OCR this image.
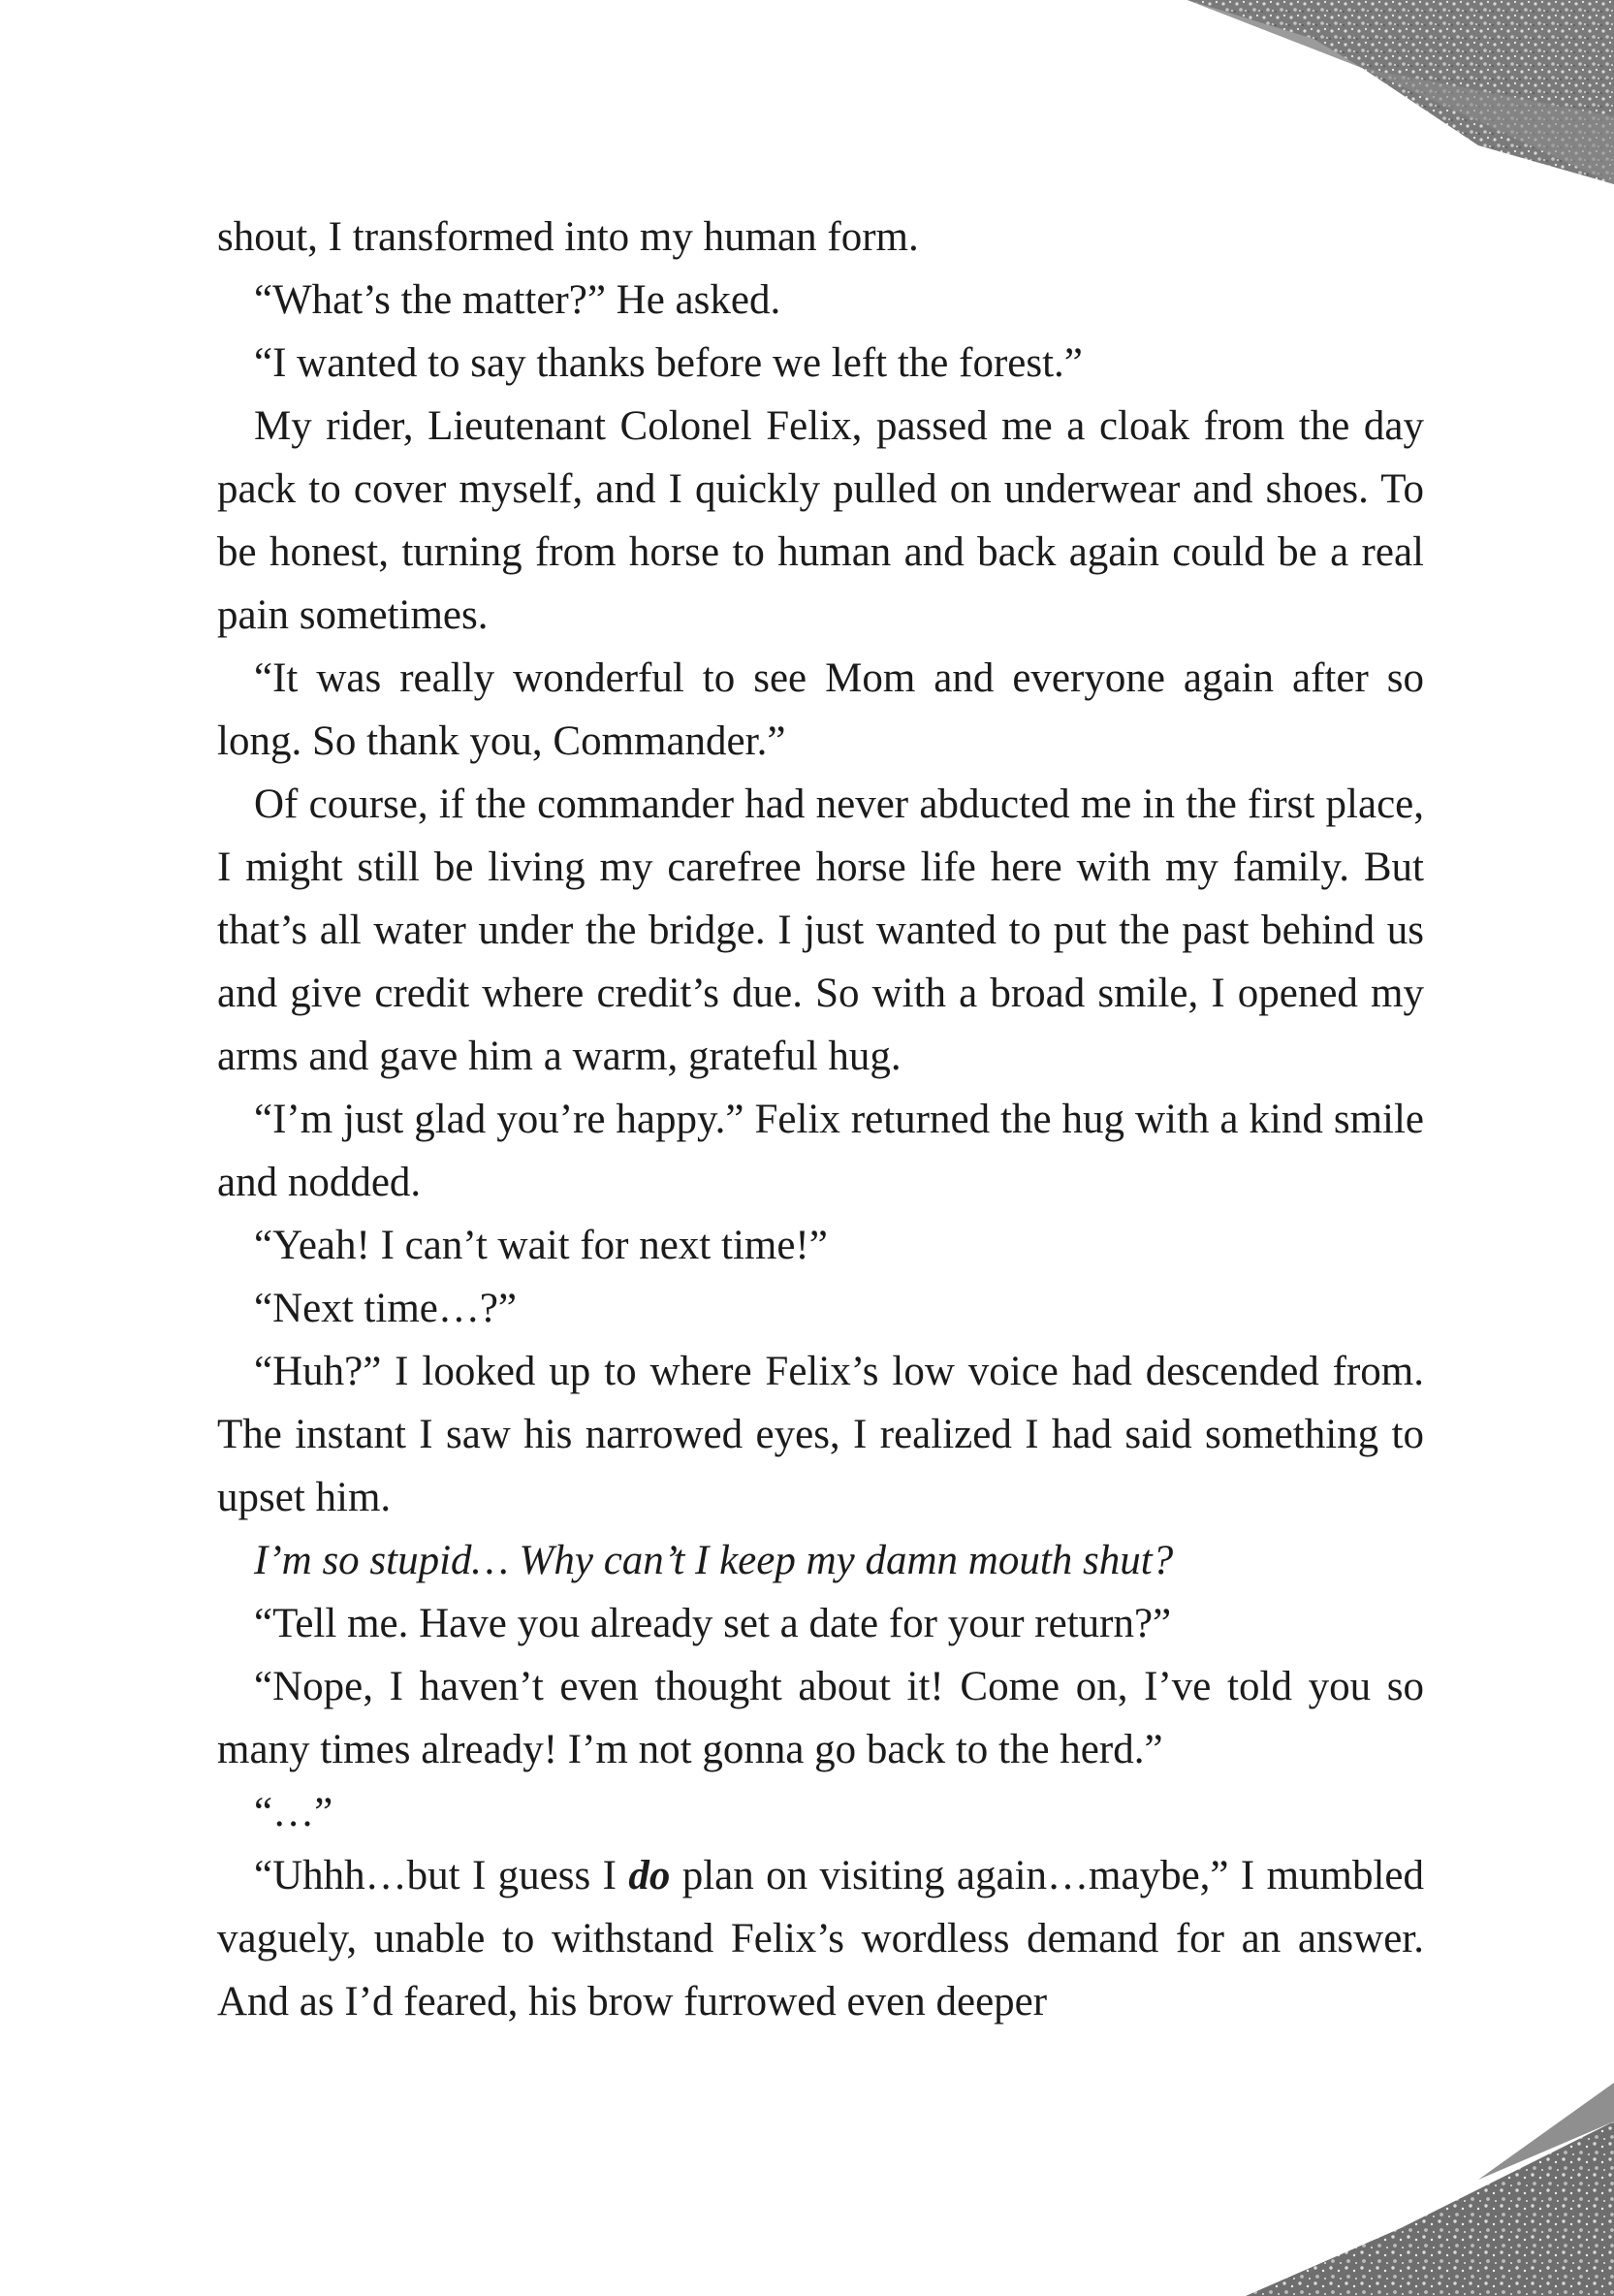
shout, I transformed into my human form.

“What’s the matter?” He asked.

“I wanted to say thanks before we left the forest.”

My rider, Lieutenant Colonel Felix, passed me a cloak from the day pack to cover myself, and I quickly pulled on underwear and shoes. To be honest, turning from horse to human and back again could be a real pain sometimes.

“It was really wonderful to see Mom and everyone again after so long. So thank you, Commander.”

Of course, if the commander had never abducted me in the first place, I might still be living my carefree horse life here with my family. But that’s all water under the bridge. I just wanted to put the past behind us and give credit where credit’s due. So with a broad smile, I opened my arms and gave him a warm, grateful hug.

“I’m just glad you’re happy.” Felix returned the hug with a kind smile and nodded.

“Yeah! I can’t wait for next time!”

“Next time…?”

“Huh?” I looked up to where Felix’s low voice had descended from. The instant I saw his narrowed eyes, I realized I had said something to upset him.

I’m so stupid… Why can’t I keep my damn mouth shut?

“Tell me. Have you already set a date for your return?”

“Nope, I haven’t even thought about it! Come on, I’ve told you so many times already! I’m not gonna go back to the herd.”

“…”

“Uhhh…but I guess I do plan on visiting again…maybe,” I mumbled vaguely, unable to withstand Felix’s wordless demand for an answer. And as I’d feared, his brow furrowed even deeper
